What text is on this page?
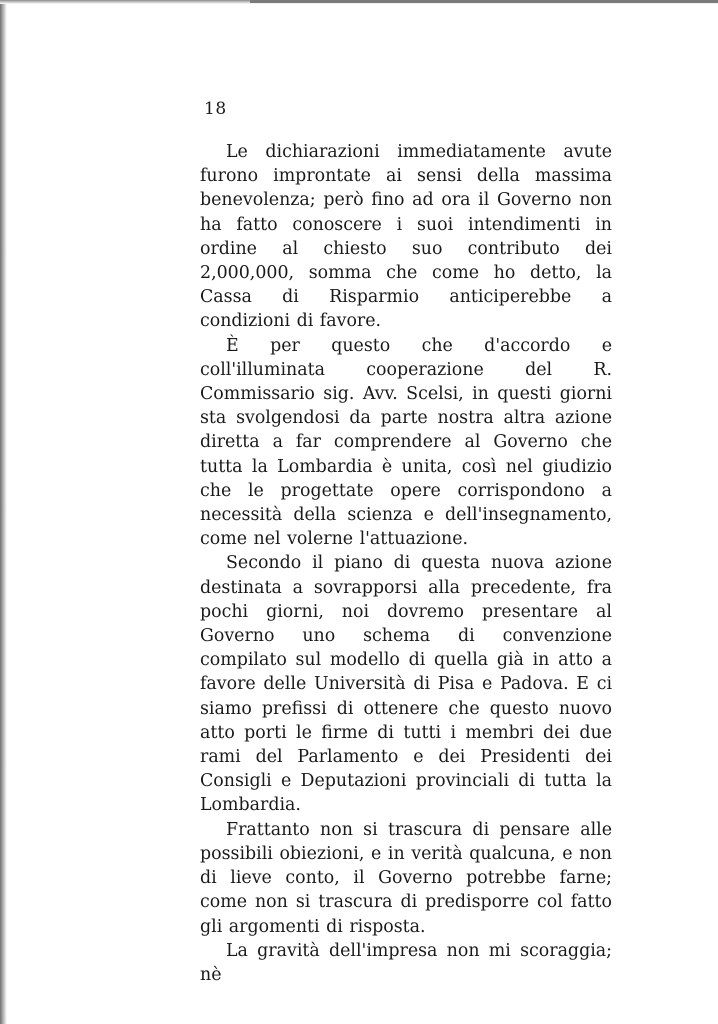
18

Le dichiarazioni immediatamente avute furono improntate ai sensi della massima benevolenza; però fino ad ora il Governo non ha fatto conoscere i suoi intendimenti in ordine al chiesto suo contributo dei 2,000,000, somma che come ho detto, la Cassa di Risparmio anticiperebbe a condizioni di favore.

È per questo che d'accordo e coll'illuminata cooperazione del R. Commissario sig. Avv. Scelsi, in questi giorni sta svolgendosi da parte nostra altra azione diretta a far comprendere al Governo che tutta la Lombardia è unita, così nel giudizio che le progettate opere corrispondono a necessità della scienza e dell'insegnamento, come nel volerne l'attuazione.

Secondo il piano di questa nuova azione destinata a sovrapporsi alla precedente, fra pochi giorni, noi dovremo presentare al Governo uno schema di convenzione compilato sul modello di quella già in atto a favore delle Università di Pisa e Padova. E ci siamo prefissi di ottenere che questo nuovo atto porti le firme di tutti i membri dei due rami del Parlamento e dei Presidenti dei Consigli e Deputazioni provinciali di tutta la Lombardia.

Frattanto non si trascura di pensare alle possibili obiezioni, e in verità qualcuna, e non di lieve conto, il Governo potrebbe farne; come non si trascura di predisporre col fatto gli argomenti di risposta.

La gravità dell'impresa non mi scoraggia; nè
